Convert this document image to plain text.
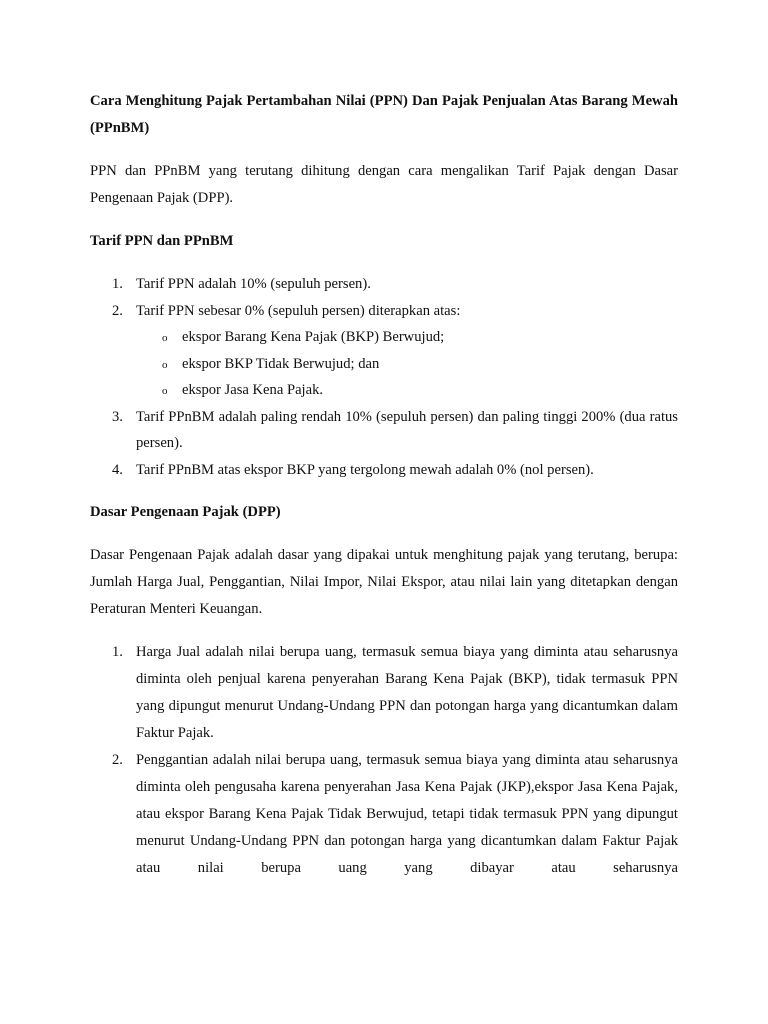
Cara Menghitung Pajak Pertambahan Nilai (PPN) Dan Pajak Penjualan Atas Barang Mewah (PPnBM)

PPN dan PPnBM yang terutang dihitung dengan cara mengalikan Tarif Pajak dengan Dasar Pengenaan Pajak (DPP).

Tarif PPN dan PPnBM

1. Tarif PPN adalah 10% (sepuluh persen).
2. Tarif PPN sebesar 0% (sepuluh persen) diterapkan atas:
o ekspor Barang Kena Pajak (BKP) Berwujud;
o ekspor BKP Tidak Berwujud; dan
o ekspor Jasa Kena Pajak.
3. Tarif PPnBM adalah paling rendah 10% (sepuluh persen) dan paling tinggi 200% (dua ratus persen).
4. Tarif PPnBM atas ekspor BKP yang tergolong mewah adalah 0% (nol persen).

Dasar Pengenaan Pajak (DPP)

Dasar Pengenaan Pajak adalah dasar yang dipakai untuk menghitung pajak yang terutang, berupa: Jumlah Harga Jual, Penggantian, Nilai Impor, Nilai Ekspor, atau nilai lain yang ditetapkan dengan Peraturan Menteri Keuangan.

1. Harga Jual adalah nilai berupa uang, termasuk semua biaya yang diminta atau seharusnya diminta oleh penjual karena penyerahan Barang Kena Pajak (BKP), tidak termasuk PPN yang dipungut menurut Undang-Undang PPN dan potongan harga yang dicantumkan dalam Faktur Pajak.
2. Penggantian adalah nilai berupa uang, termasuk semua biaya yang diminta atau seharusnya diminta oleh pengusaha karena penyerahan Jasa Kena Pajak (JKP),ekspor Jasa Kena Pajak, atau ekspor Barang Kena Pajak Tidak Berwujud, tetapi tidak termasuk PPN yang dipungut menurut Undang-Undang PPN dan potongan harga yang dicantumkan dalam Faktur Pajak atau nilai berupa uang yang dibayar atau seharusnya
